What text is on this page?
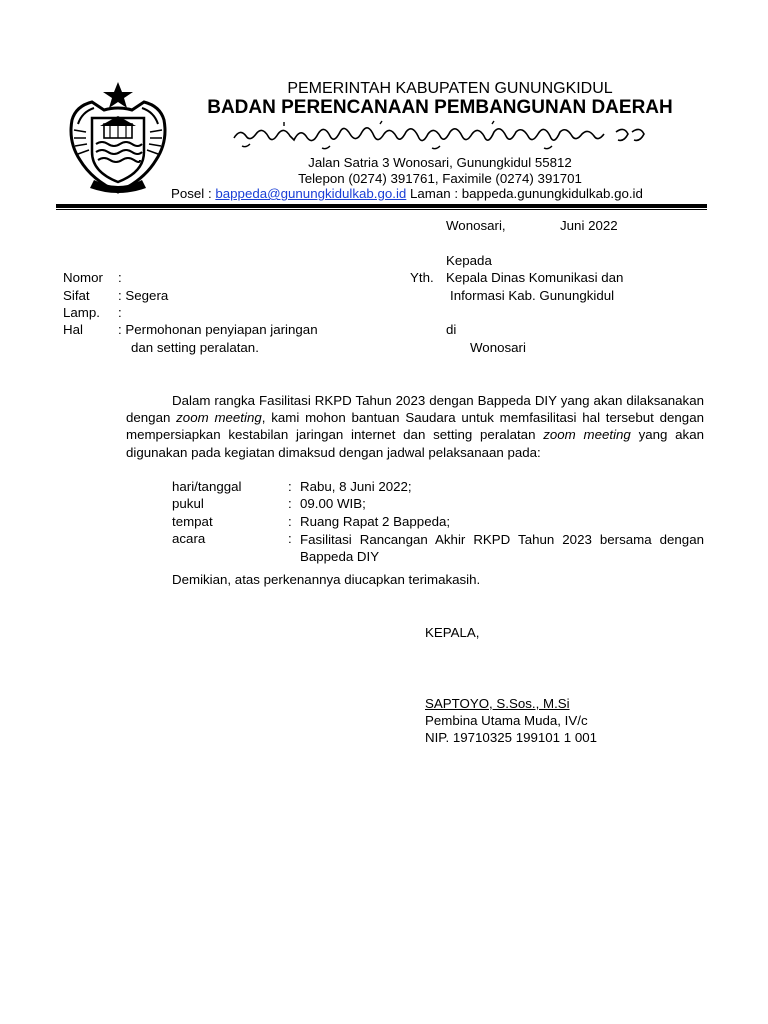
PEMERINTAH KABUPATEN GUNUNGKIDUL
BADAN PERENCANAAN PEMBANGUNAN DAERAH
Jalan Satria 3 Wonosari, Gunungkidul 55812
Telepon (0274) 391761, Faximile (0274) 391701
Posel : bappeda@gunungkidulkab.go.id Laman : bappeda.gunungkidulkab.go.id
Wonosari,	Juni 2022
Kepada
Yth. Kepala Dinas Komunikasi dan
Informasi Kab. Gunungkidul
di
Wonosari
Nomor :
Sifat : Segera
Lamp. :
Hal	: Permohonan penyiapan jaringan
dan setting peralatan.
Dalam rangka Fasilitasi RKPD Tahun 2023 dengan Bappeda DIY yang akan dilaksanakan dengan zoom meeting, kami mohon bantuan Saudara untuk memfasilitasi hal tersebut dengan mempersiapkan kestabilan jaringan internet dan setting peralatan zoom meeting yang akan digunakan pada kegiatan dimaksud dengan jadwal pelaksanaan pada:
hari/tanggal	: Rabu, 8 Juni 2022;
pukul	: 09.00 WIB;
tempat	: Ruang Rapat 2 Bappeda;
acara	: Fasilitasi Rancangan Akhir RKPD Tahun 2023 bersama dengan Bappeda DIY
Demikian, atas perkenannya diucapkan terimakasih.
KEPALA,
SAPTOYO, S.Sos., M.Si
Pembina Utama Muda, IV/c
NIP. 19710325 199101 1 001
